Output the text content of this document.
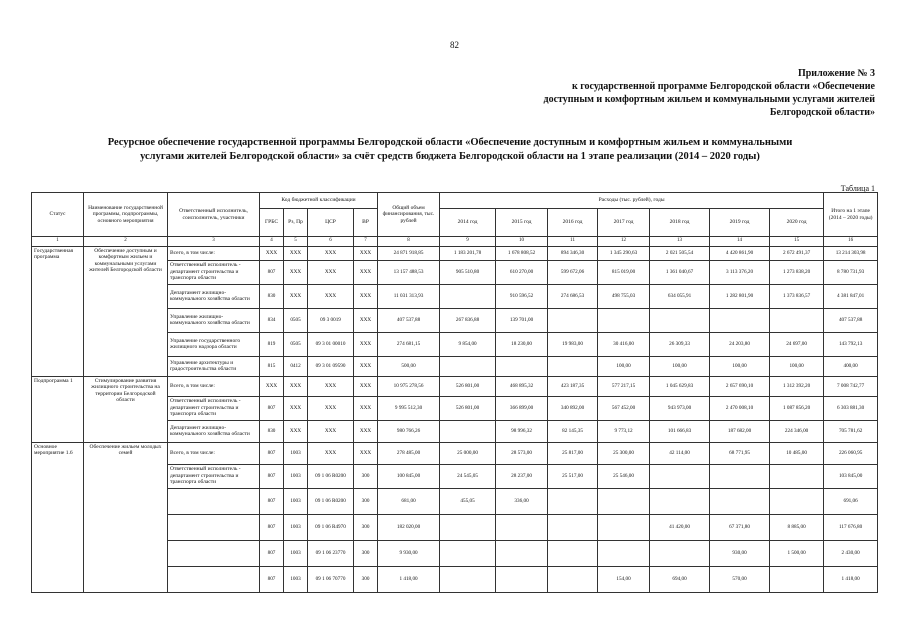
82
Приложение № 3
к государственной программе Белгородской области «Обеспечение
доступным и комфортным жильем и коммунальными услугами жителей
Белгородской области»
Ресурсное обеспечение государственной программы Белгородской области «Обеспечение доступным и комфортным жильем и коммунальными
услугами жителей Белгородской области» за счёт средств бюджета Белгородской области на 1 этапе реализации (2014 – 2020 годы)
Таблица 1
Статус	Наименование государственной программы, подпрограммы, основного мероприятия	Ответственный исполнитель, соисполнитель, участники	Код бюджетной классификации				Общий объем финансирования, тыс. рублей	Расходы (тыс. рублей), годы							Итого на 1 этапе (2014 – 2020 годы)
			ГРБС	Рз, Пр	ЦСР	ВР		2014 год	2015 год	2016 год	2017 год	2018 год	2019 год	2020 год	
1	2	3	4	5	6	7	8	9	10	11	12	13	14	15	16
Государственная программа	Обеспечение доступным и комфортным жильем и коммунальными услугами жителей Белгородской области	Всего, в том числе:	XXX	XXX	XXX	XXX	24 871 918,85	1 183 201,78	1 678 808,52	894 346,30	1 345 290,63	2 021 505,54	4 420 861,90	2 672 491,37	13 214 303,98
		Ответственный исполнитель - департамент строительства и транспорта области	807	XXX	XXX	XXX	13 157 488,53	905 510,80	610 270,00	599 672,06	815 019,00	1 361 040,67	3 113 376,20	1 273 838,20	8 780 731,93
		Департамент жилищно-коммунального хозяйства области	830	XXX	XXX	XXX	11 031 313,93		910 596,52	274 686,53	498 755,03	634 055,91	1 282 801,90	1 373 836,57	4 381 847,01
		Управление жилищно-коммунального хозяйства области	834	0505	09 3 0019	XXX	407 537,88	267 836,88	139 701,00						407 537,88
		Управление государственного жилищного надзора области	819	0505	09 3 01 00010	XXX	274 681,15	9 854,00	18 230,00	19 983,00	30 416,00	26 309,33	24 203,80	24 697,00	143 792,13
		Управление архитектуры и градостроительства области	815	0412	09 3 01 09590	XXX	500,00				100,00	100,00	100,00	100,00	400,00
Подпрограмма 1	Стимулирование развития жилищного строительства на территории Белгородской области	Всего, в том числе:	XXX	XXX	XXX	XXX	10 975 278,56	526 801,00	468 895,32	423 187,35	577 217,15	1 045 629,83	2 657 690,10	1 312 392,20	7 008 742,77
		Ответственный исполнитель - департамент строительства и транспорта области	807	XXX	XXX	XXX	9 995 512,30	526 801,00	366 899,00	340 892,00	567 452,00	943 973,00	2 470 008,10	1 087 856,20	6 303 881,30
		Департамент жилищно-коммунального хозяйства области	830	XXX	XXX	XXX	980 766,26		98 996,32	82 145,35	9 773,12	101 666,83	187 682,00	224 346,00	705 781,62
Основное мероприятие 1.6	Обеспечение жильем молодых семей	Всего, в том числе:	807	1003	XXX	XXX	278 485,00	25 000,00	28 573,00	25 817,00	25 300,00	42 114,00	68 771,95	10 485,00	226 060,95
		Ответственный исполнитель - департамент строительства и транспорта области	807	1003	09 1 06 R0200	300	100 845,00	24 545,05	28 237,00	25 517,00	25 546,00				103 845,00
			807	1003	09 1 06 R0200	300	681,00	455,05	336,00						691,06
			807	1003	09 1 06 R4970	300	182 020,00					41 420,00	67 371,80	8 885,00	117 676,80
			807	1003	09 1 06 23770	300	9 930,00						930,00	1 500,00	2 430,00
			807	1003	09 1 06 70770	300	1 418,00				154,00	694,00	570,00		1 418,00
